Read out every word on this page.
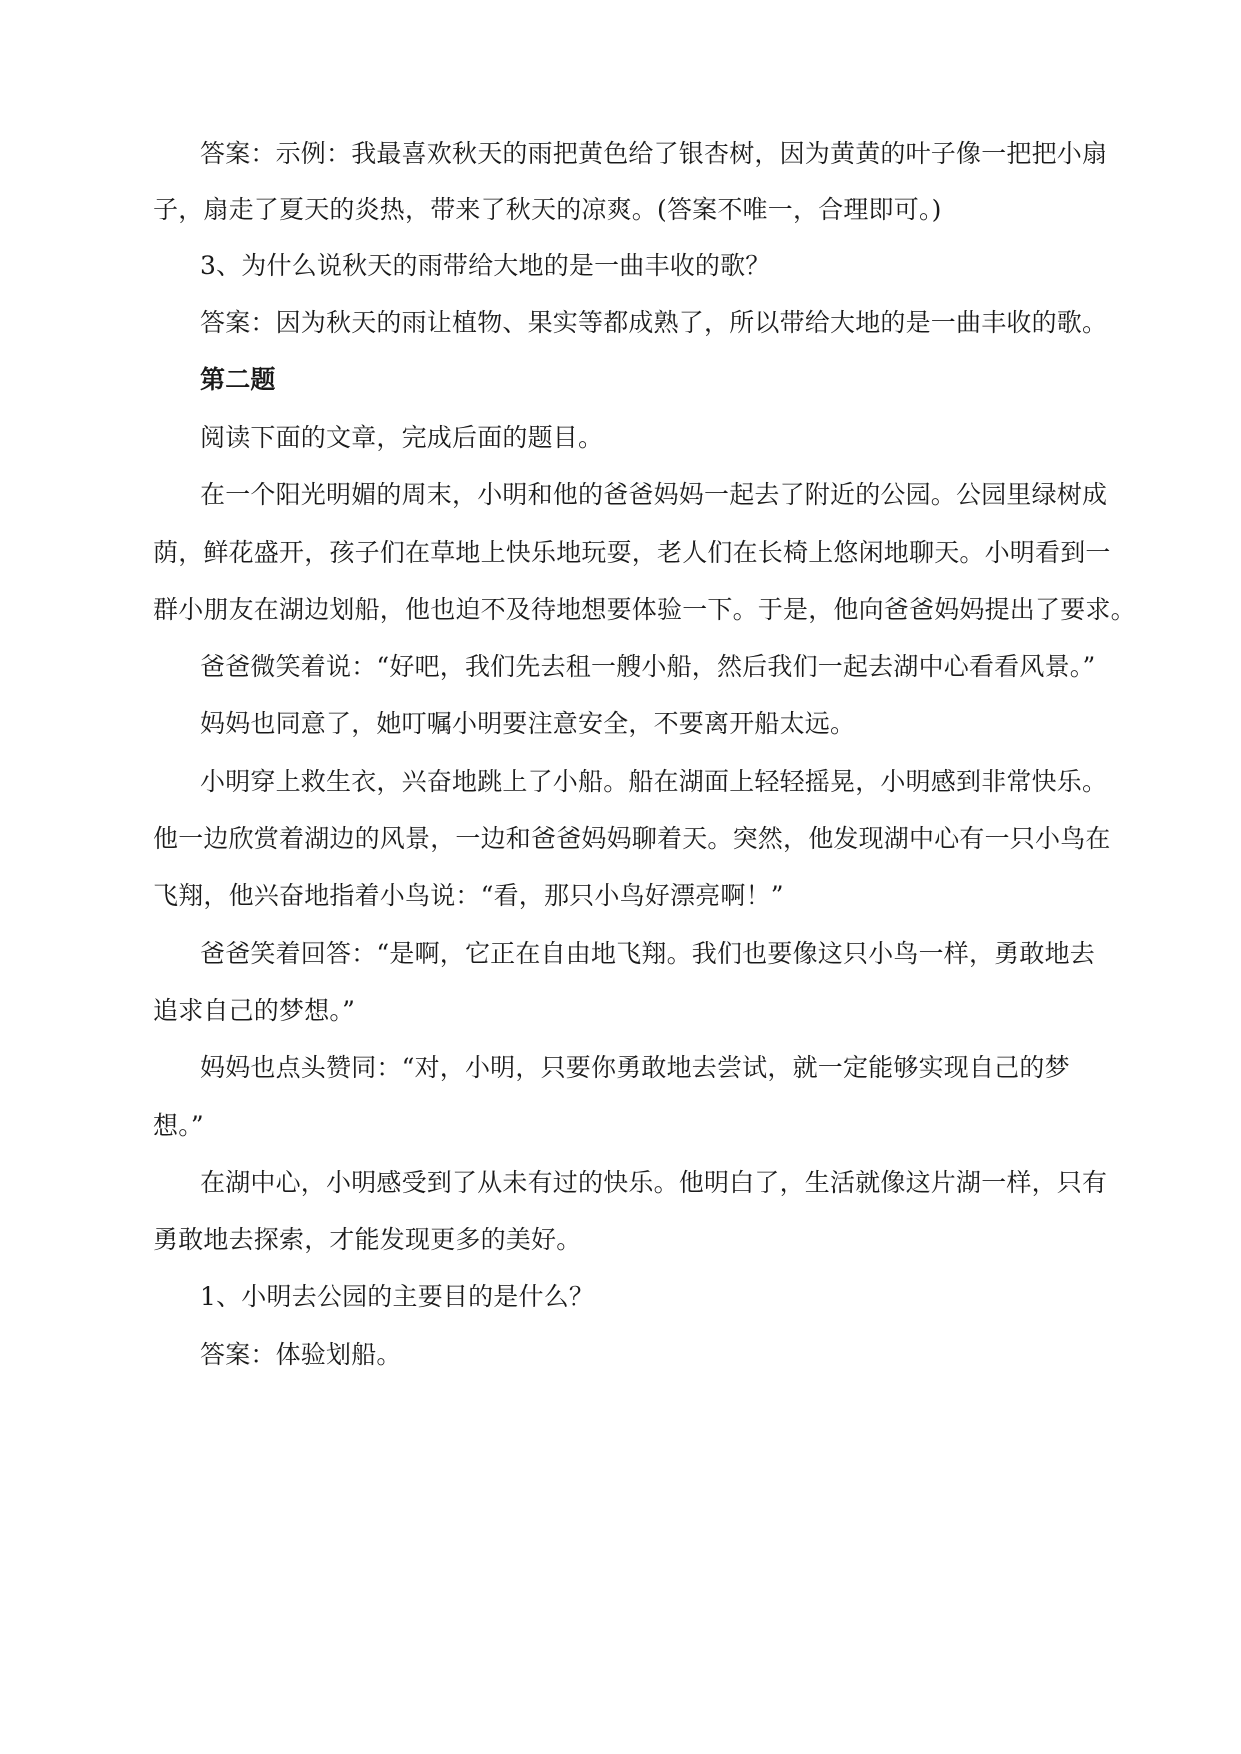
答案：示例：我最喜欢秋天的雨把黄色给了银杏树，因为黄黄的叶子像一把把小扇
子，扇走了夏天的炎热，带来了秋天的凉爽。(答案不唯一，合理即可。)
3、为什么说秋天的雨带给大地的是一曲丰收的歌？
答案：因为秋天的雨让植物、果实等都成熟了，所以带给大地的是一曲丰收的歌。
第二题
阅读下面的文章，完成后面的题目。
在一个阳光明媚的周末，小明和他的爸爸妈妈一起去了附近的公园。公园里绿树成
荫，鲜花盛开，孩子们在草地上快乐地玩耍，老人们在长椅上悠闲地聊天。小明看到一
群小朋友在湖边划船，他也迫不及待地想要体验一下。于是，他向爸爸妈妈提出了要求。
爸爸微笑着说：“好吧，我们先去租一艘小船，然后我们一起去湖中心看看风景。”
妈妈也同意了，她叮嘱小明要注意安全，不要离开船太远。
小明穿上救生衣，兴奋地跳上了小船。船在湖面上轻轻摇晃，小明感到非常快乐。
他一边欣赏着湖边的风景，一边和爸爸妈妈聊着天。突然，他发现湖中心有一只小鸟在
飞翔，他兴奋地指着小鸟说：“看，那只小鸟好漂亮啊！”
爸爸笑着回答：“是啊，它正在自由地飞翔。我们也要像这只小鸟一样，勇敢地去
追求自己的梦想。”
妈妈也点头赞同：“对，小明，只要你勇敢地去尝试，就一定能够实现自己的梦
想。”
在湖中心，小明感受到了从未有过的快乐。他明白了，生活就像这片湖一样，只有
勇敢地去探索，才能发现更多的美好。
1、小明去公园的主要目的是什么？
答案：体验划船。
